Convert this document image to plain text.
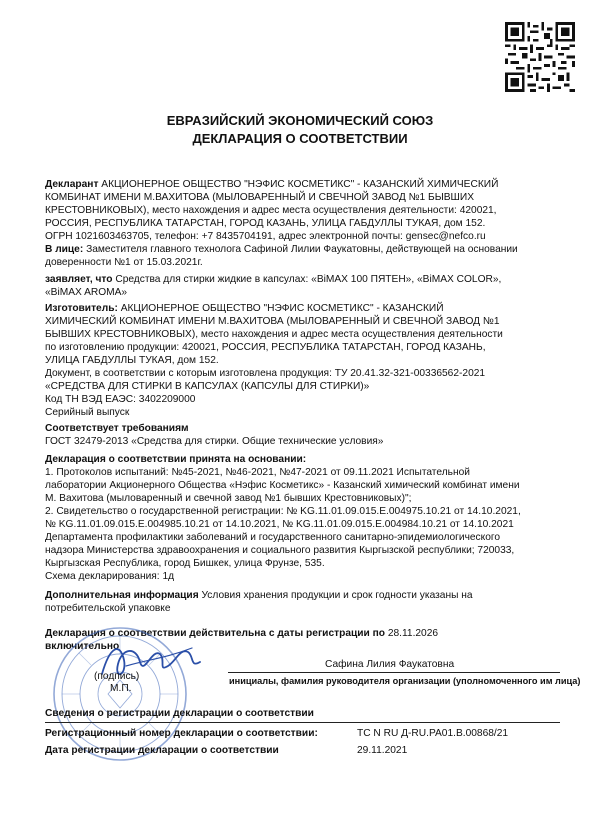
ЕВРАЗИЙСКИЙ ЭКОНОМИЧЕСКИЙ СОЮЗ
ДЕКЛАРАЦИЯ О СООТВЕТСТВИИ
Декларант АКЦИОНЕРНОЕ ОБЩЕСТВО "НЭФИС КОСМЕТИКС" - КАЗАНСКИЙ ХИМИЧЕСКИЙ
КОМБИНАТ ИМЕНИ М.ВАХИТОВА (МЫЛОВАРЕННЫЙ И СВЕЧНОЙ ЗАВОД №1 БЫВШИХ
КРЕСТОВНИКОВЫХ), место нахождения и адрес места осуществления деятельности: 420021,
РОССИЯ, РЕСПУБЛИКА ТАТАРСТАН, ГОРОД КАЗАНЬ, УЛИЦА ГАБДУЛЛЫ ТУКАЯ, дом 152.
ОГРН 1021603463705, телефон: +7 8435704191, адрес электронной почты: gensec@nefco.ru
В лице: Заместителя главного технолога Сафиной Лилии Фаукатовны, действующей на основании
доверенности №1 от 15.03.2021г.
заявляет, что Средства для стирки жидкие в капсулах: «BiMAX 100 ПЯТЕН», «BiMAX COLOR»,
«BiMAX AROMA»
Изготовитель: АКЦИОНЕРНОЕ ОБЩЕСТВО "НЭФИС КОСМЕТИКС" - КАЗАНСКИЙ
ХИМИЧЕСКИЙ КОМБИНАТ ИМЕНИ М.ВАХИТОВА (МЫЛОВАРЕННЫЙ И СВЕЧНОЙ ЗАВОД №1
БЫВШИХ КРЕСТОВНИКОВЫХ), место нахождения и адрес места осуществления деятельности
по изготовлению продукции: 420021, РОССИЯ, РЕСПУБЛИКА ТАТАРСТАН, ГОРОД КАЗАНЬ,
УЛИЦА ГАБДУЛЛЫ ТУКАЯ, дом 152.
Документ, в соответствии с которым изготовлена продукция: ТУ 20.41.32-321-00336562-2021
«СРЕДСТВА ДЛЯ СТИРКИ В КАПСУЛАХ (КАПСУЛЫ ДЛЯ СТИРКИ)»
Код ТН ВЭД ЕАЭС: 3402209000
Серийный выпуск
Соответствует требованиям
ГОСТ 32479-2013 «Средства для стирки. Общие технические условия»
Декларация о соответствии принята на основании:
1. Протоколов испытаний: №45-2021, №46-2021, №47-2021 от 09.11.2021 Испытательной
лаборатории Акционерного Общества «Нэфис Косметикс» - Казанский химический комбинат имени
М. Вахитова (мыловаренный и свечной завод №1 бывших Крестовниковых)";
2. Свидетельство о государственной регистрации: № KG.11.01.09.015.E.004975.10.21 от 14.10.2021,
№ KG.11.01.09.015.E.004985.10.21 от 14.10.2021, № KG.11.01.09.015.E.004984.10.21 от 14.10.2021
Департамента профилактики заболеваний и государственного санитарно-эпидемиологического
надзора Министерства здравоохранения и социального развития Кыргызской республики; 720033,
Кыргызская Республика, город Бишкек, улица Фрунзе, 535.
Схема декларирования: 1д
Дополнительная информация Условия хранения продукции и срок годности указаны на
потребительской упаковке
Декларация о соответствии действительна с даты регистрации по 28.11.2026
включительно
(подпись)
М.П.
Сафина Лилия Фаукатовна
инициалы, фамилия руководителя организации (уполномоченного им лица)
Сведения о регистрации декларации о соответствии
Регистрационный номер декларации о соответствии:	ТС N RU Д-RU.PA01.B.00868/21
Дата регистрации декларации о соответствии	29.11.2021
